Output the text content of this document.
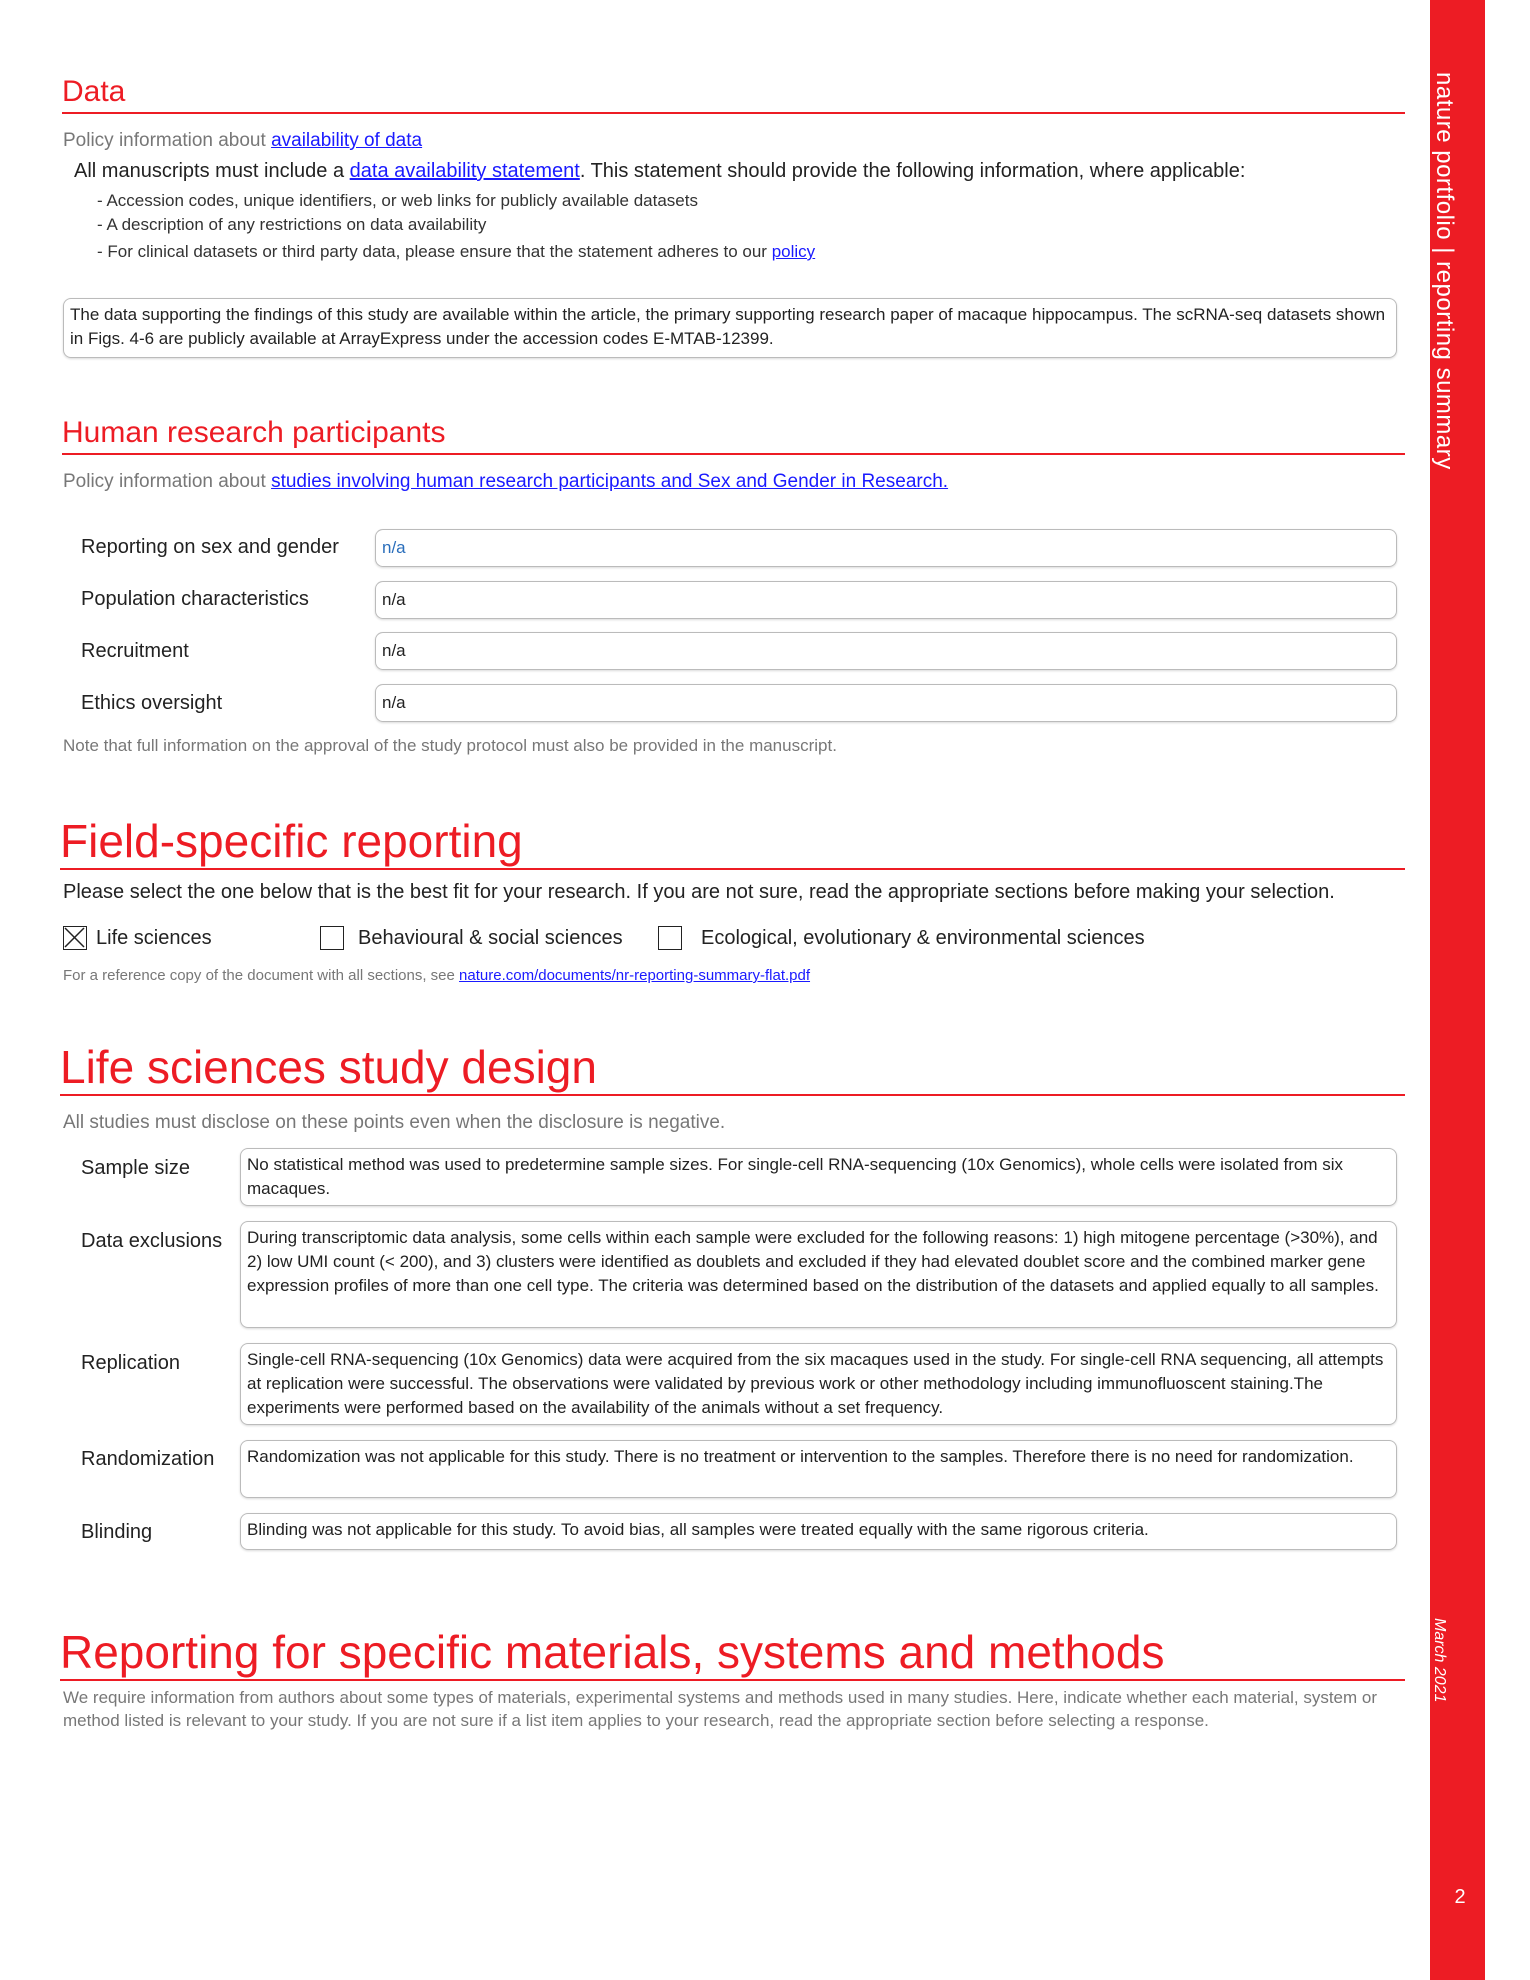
nature portfolio | reporting summary
March 2021
2
Data
Policy information about availability of data
All manuscripts must include a data availability statement. This statement should provide the following information, where applicable:
- Accession codes, unique identifiers, or web links for publicly available datasets
- A description of any restrictions on data availability
- For clinical datasets or third party data, please ensure that the statement adheres to our policy
The data supporting the findings of this study are available within the article, the primary supporting research paper of macaque hippocampus. The scRNA-seq datasets shown in Figs. 4-6 are publicly available at ArrayExpress under the accession codes E-MTAB-12399.
Human research participants
Policy information about studies involving human research participants and Sex and Gender in Research.
Reporting on sex and gender	n/a
Population characteristics	n/a
Recruitment	n/a
Ethics oversight	n/a
Note that full information on the approval of the study protocol must also be provided in the manuscript.
Field-specific reporting
Please select the one below that is the best fit for your research. If you are not sure, read the appropriate sections before making your selection.
Life sciences	Behavioural & social sciences	Ecological, evolutionary & environmental sciences
For a reference copy of the document with all sections, see nature.com/documents/nr-reporting-summary-flat.pdf
Life sciences study design
All studies must disclose on these points even when the disclosure is negative.
Sample size	No statistical method was used to predetermine sample sizes. For single-cell RNA-sequencing (10x Genomics), whole cells were isolated from six macaques.
Data exclusions	During transcriptomic data analysis, some cells within each sample were excluded for the following reasons: 1) high mitogene percentage (>30%), and 2) low UMI count (< 200), and 3) clusters were identified as doublets and excluded if they had elevated doublet score and the combined marker gene expression profiles of more than one cell type. The criteria was determined based on the distribution of the datasets and applied equally to all samples.
Replication	Single-cell RNA-sequencing (10x Genomics) data were acquired from the six macaques used in the study. For single-cell RNA sequencing, all attempts at replication were successful. The observations were validated by previous work or other methodology including immunofluoscent staining.The experiments were performed based on the availability of the animals without a set frequency.
Randomization	Randomization was not applicable for this study. There is no treatment or intervention to the samples. Therefore there is no need for randomization.
Blinding	Blinding was not applicable for this study. To avoid bias, all samples were treated equally with the same rigorous criteria.
Reporting for specific materials, systems and methods
We require information from authors about some types of materials, experimental systems and methods used in many studies. Here, indicate whether each material, system or method listed is relevant to your study. If you are not sure if a list item applies to your research, read the appropriate section before selecting a response.
